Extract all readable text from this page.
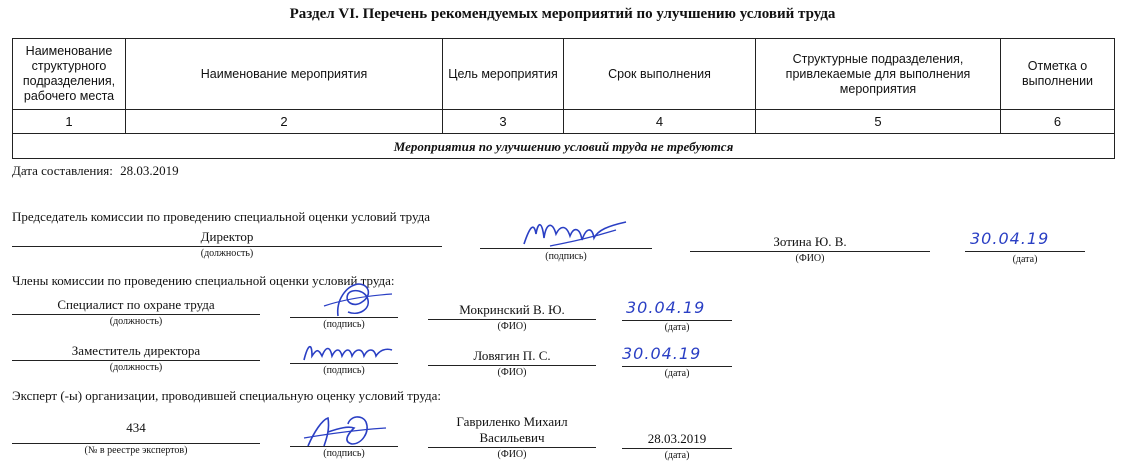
Раздел VI. Перечень рекомендуемых мероприятий по улучшению условий труда
Наименование структурного подразделения, рабочего места	Наименование мероприятия	Цель мероприятия	Срок выполнения	Структурные подразделения, привлекаемые для выполнения мероприятия	Отметка о выполнении
1	2	3	4	5	6
Мероприятия по улучшению условий труда не требуются					
Дата составления: 28.03.2019
Председатель комиссии по проведению специальной оценки условий труда
Директор
(должность)	(подпись)
Зотина Ю. В.
(ФИО)
30.04.19
(дата)
Члены комиссии по проведению специальной оценки условий труда:
Специалист по охране труда
(должность)	(подпись)
Мокринский В. Ю.
(ФИО)
30.04.19
(дата)
Заместитель директора
(должность)	(подпись)
Ловягин П. С.
(ФИО)
30.04.19
(дата)
Эксперт (-ы) организации, проводившей специальную оценку условий труда:
434
(№ в реестре экспертов)	(подпись)
Гавриленко Михаил
Васильевич
(ФИО)
28.03.2019
(дата)
